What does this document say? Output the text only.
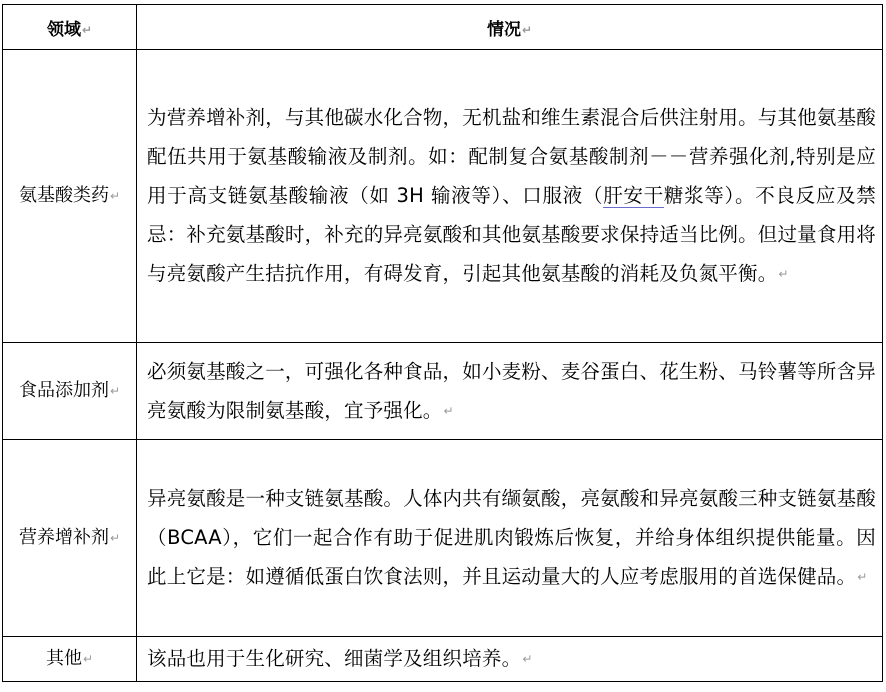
领域↵	情况↵
氨基酸类药↵	为营养增补剂，与其他碳水化合物，无机盐和维生素混合后供注射用。与其他氨基酸配伍共用于氨基酸输液及制剂。如：配制复合氨基酸制剂－－营养强化剂,特别是应用于高支链氨基酸输液（如 3H 输液等）、口服液（肝安干糖浆等）。不良反应及禁忌：补充氨基酸时，补充的异亮氨酸和其他氨基酸要求保持适当比例。但过量食用将与亮氨酸产生拮抗作用，有碍发育，引起其他氨基酸的消耗及负氮平衡。↵
食品添加剂↵	必须氨基酸之一，可强化各种食品，如小麦粉、麦谷蛋白、花生粉、马铃薯等所含异亮氨酸为限制氨基酸，宜予强化。↵
营养增补剂↵	异亮氨酸是一种支链氨基酸。人体内共有缬氨酸，亮氨酸和异亮氨酸三种支链氨基酸（BCAA），它们一起合作有助于促进肌肉锻炼后恢复，并给身体组织提供能量。因此上它是：如遵循低蛋白饮食法则，并且运动量大的人应考虑服用的首选保健品。↵
其他↵	该品也用于生化研究、细菌学及组织培养。↵
